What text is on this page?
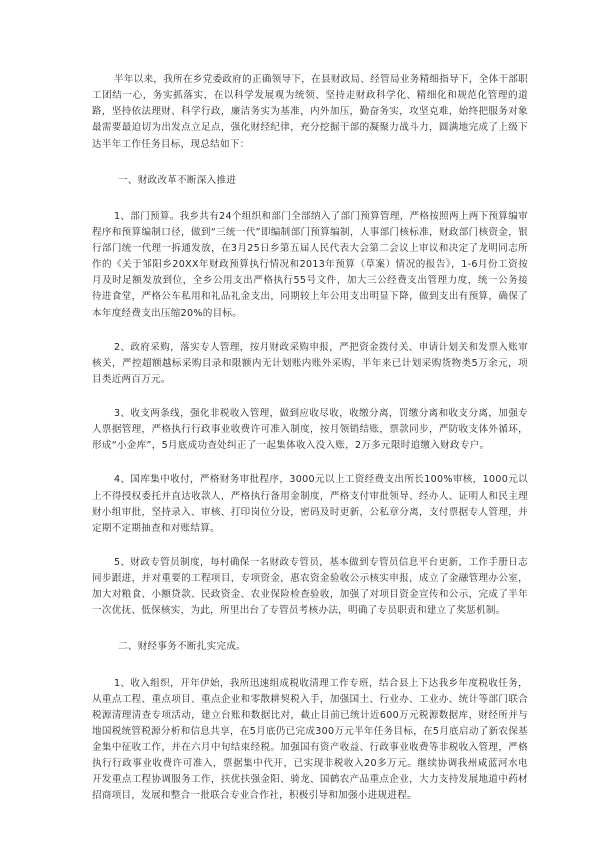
半年以来，我所在乡党委政府的正确领导下，在县财政局、经管局业务精细指导下，全体干部职工团结一心，务实抓落实，在以科学发展观为统领、坚持走财政科学化、精细化和规范化管理的道路，坚持依法理财、科学行政，廉洁务实为基准，内外加压，勤奋务实，攻坚克难，始终把服务对象最需要最迫切为出发点立足点，强化财经纪律，充分挖掘干部的凝聚力战斗力，圆满地完成了上级下达半年工作任务目标，现总结如下：

一、财政改革不断深入推进

1、部门预算。我乡共有24个组织和部门全部纳入了部门预算管理，严格按照两上两下预算编审程序和预算编制口径，做到“三统一代”即编制部门预算编制，人事部门核标准，财政部门核资金，银行部门统一代理一拆通发放，在3月25日乡第五届人民代表大会第二会议上审议和决定了龙明同志所作的《关于邹阳乡20XX年财政预算执行情况和2013年预算（草案）情况的报告》，1-6月份工资按月及时足额发放到位，全乡公用支出严格执行55号文件，加大三公经费支出管理力度，统一公务接待进食堂，严格公车私用和礼品礼金支出，同期较上年公用支出明显下降，做到支出有预算，确保了本年度经费支出压缩20%的目标。

2、政府采购，落实专人管理，按月财政采购申报，严把资金拨付关、申请计划关和发票入账审核关，严控超额越标采购目录和限额内无计划账内账外采购，半年来已计划采购货物类5万余元，项目类近两百万元。

3、收支两条线，强化非税收入管理，做到应收尽收，收缴分离，罚缴分离和收支分离，加强专人票据管理，严格执行行政事业收费许可准入制度，按月领销结账，票款同步，严防收支体外循环，形成“小金库”，5月底成功查处纠正了一起集体收入没入账，2万多元限时追缴入财政专户。

4、国库集中收付，严格财务审批程序，3000元以上工资经费支出所长100%审核，1000元以上不得授权委托并直达收款人，严格执行备用金制度，严格支付审批领导、经办人、证明人和民主理财小组审批，坚持录入、审核、打印岗位分设，密码及时更新，公私章分离，支付票据专人管理，并定期不定期抽查和对账结算。

5、财政专管员制度，每村确保一名财政专管员，基本做到专管员信息平台更新，工作手册日志同步跟进，并对重要的工程项目，专项资金，惠农资金验收公示核实申报，成立了金融管理办公室，加大对粮食、小额贷款、民政资金、农业保险检查验收，加强了对项目资金宣传和公示，完成了半年一次优抚、低保核实，为此，所里出台了专管员考核办法，明确了专员职责和建立了奖惩机制。

二、财经事务不断扎实完成。

1、收入组织，开年伊始，我所迅速组成税收清理工作专班，结合县上下达我乡年度税收任务，从重点工程、重点项目、重点企业和零散耕契税入手，加强国土、行业办、工业办、统计等部门联合税源清理清查专项活动，建立台账和数据比对，截止目前已统计近600万元税源数据库，财经所并与地国税统管税源分析和信息共享，在5月底仍已完成300万元半年任务目标，在5月底启动了新农保基金集中征收工作，并在六月中旬结束经税。加强国有资产收益、行政事业收费等非税收入管理，严格执行行政事业收费许可准入，票据集中代开，已实现非税收入20多万元。继续协调我州咸蓝河水电开发重点工程协调服务工作，扶优扶强金阳、骑龙、国鹤农产品重点企业，大力支持发展地道中药材招商项目，发展和整合一批联合专业合作社，积极引导和加强小进规进程。
